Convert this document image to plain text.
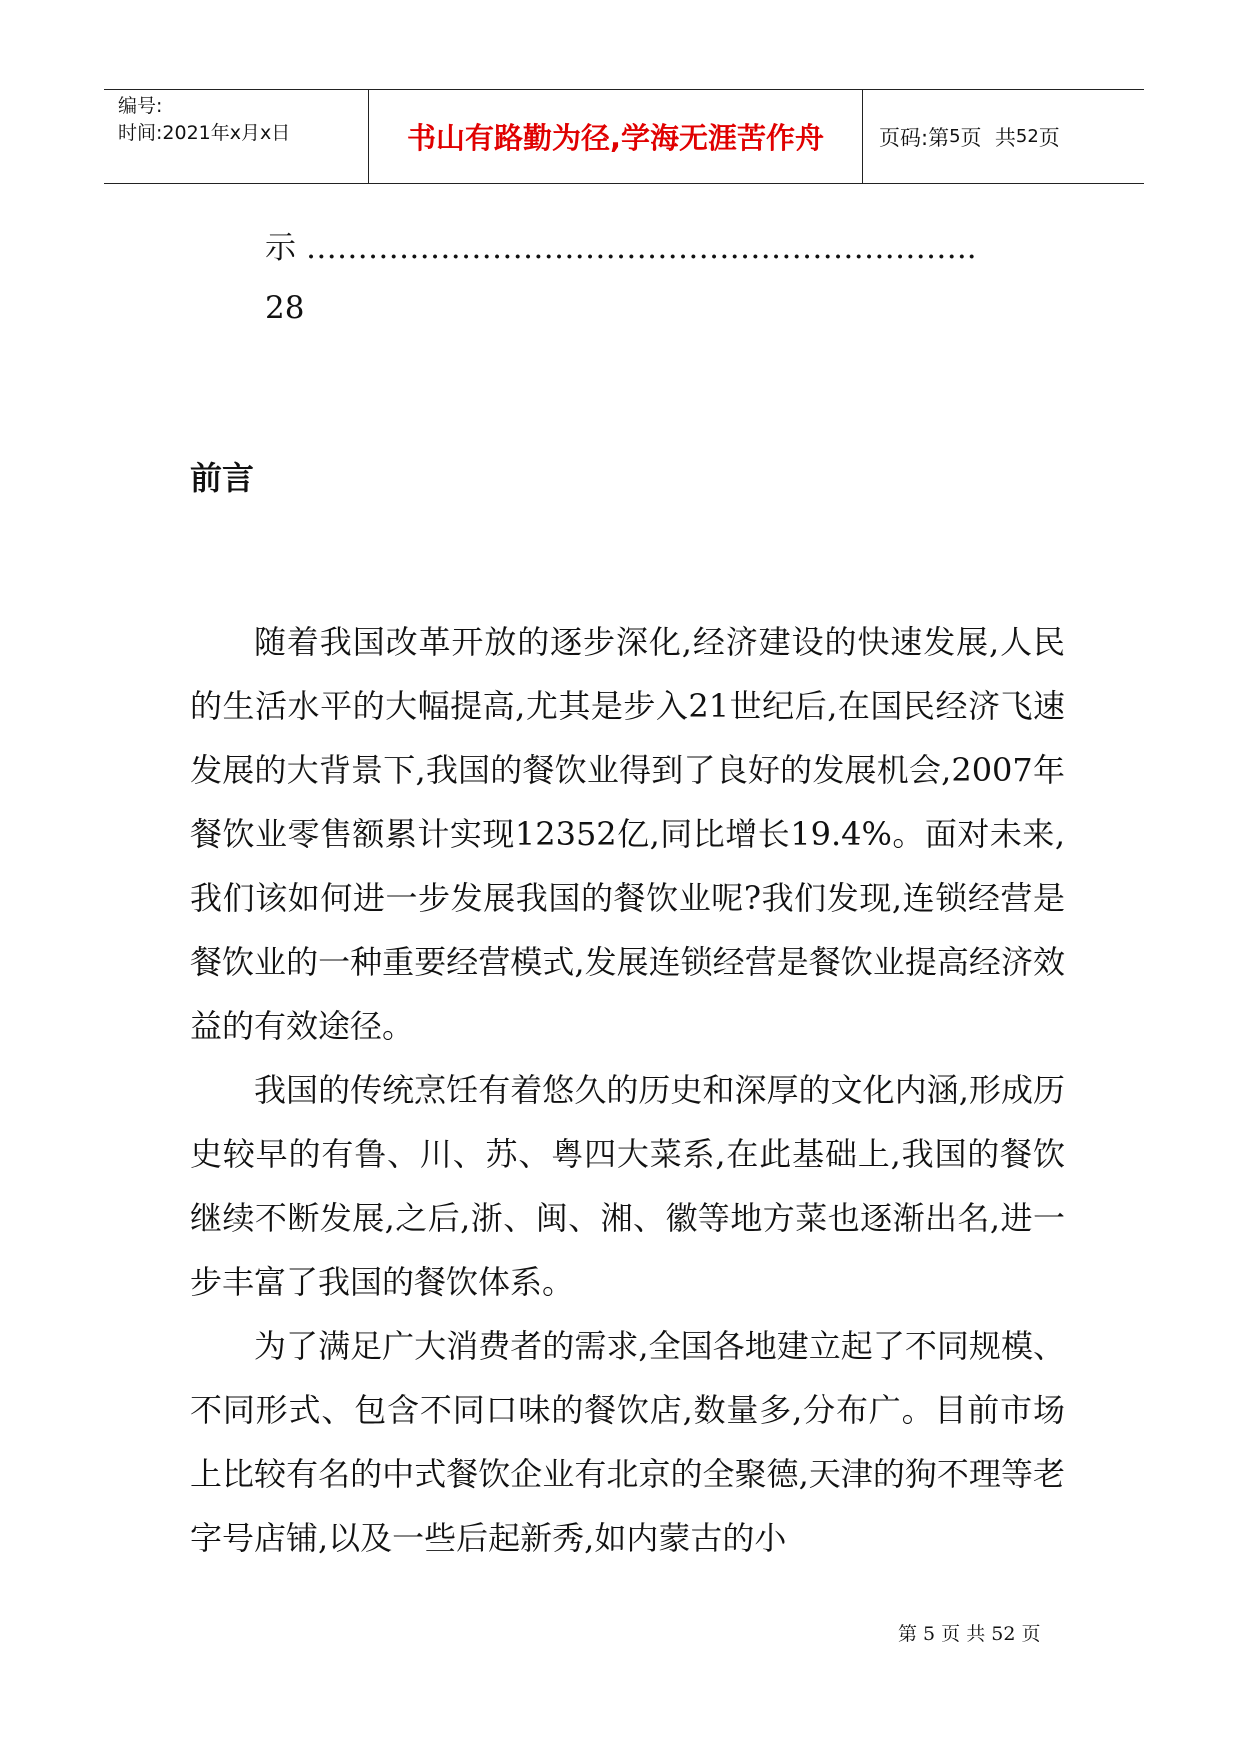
编号:
时间:2021年x月x日	书山有路勤为径,学海无涯苦作舟	页码:第 5 页  共 52 页
示 ………………………………………………………..
28
前言

随着我国改革开放的逐步深化,经济建设的快速发展,人民的生活水平的大幅提高,尤其是步入21世纪后,在国民经济飞速发展的大背景下,我国的餐饮业得到了良好的发展机会,2007年餐饮业零售额累计实现12352亿,同比增长19.4%。面对未来,我们该如何进一步发展我国的餐饮业呢?我们发现,连锁经营是餐饮业的一种重要经营模式,发展连锁经营是餐饮业提高经济效益的有效途径。

我国的传统烹饪有着悠久的历史和深厚的文化内涵,形成历史较早的有鲁、川、苏、粤四大菜系,在此基础上,我国的餐饮继续不断发展,之后,浙、闽、湘、徽等地方菜也逐渐出名,进一步丰富了我国的餐饮体系。

为了满足广大消费者的需求,全国各地建立起了不同规模、不同形式、包含不同口味的餐饮店,数量多,分布广。目前市场上比较有名的中式餐饮企业有北京的全聚德,天津的狗不理等老字号店铺,以及一些后起新秀,如内蒙古的小

第 5 页 共 52 页
